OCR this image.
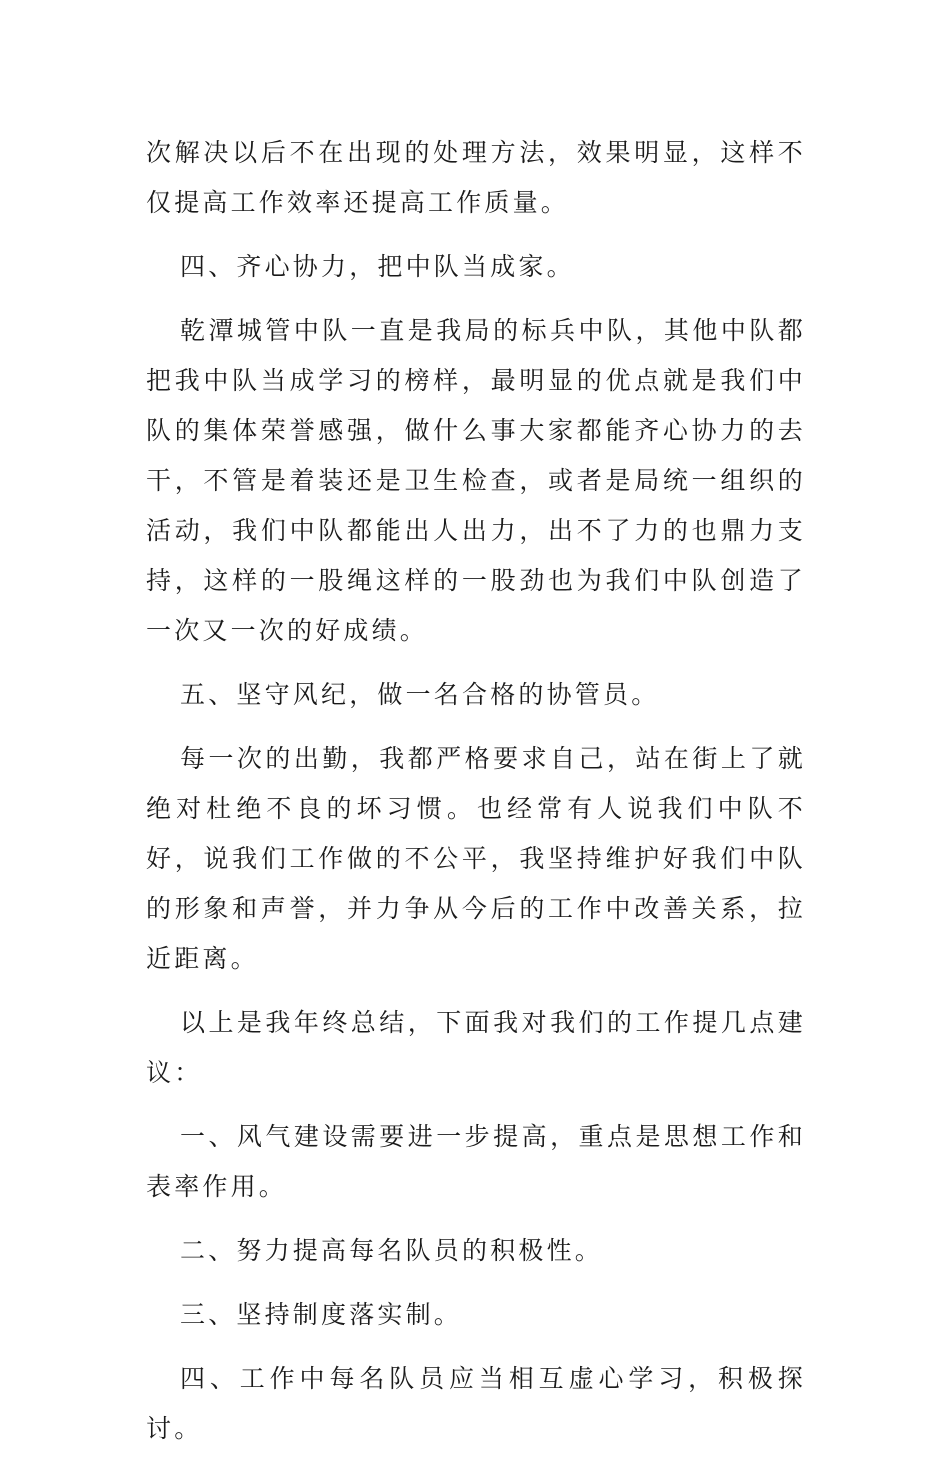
次解决以后不在出现的处理方法，效果明显，这样不仅提高工作效率还提高工作质量。

四、齐心协力，把中队当成家。

乾潭城管中队一直是我局的标兵中队，其他中队都把我中队当成学习的榜样，最明显的优点就是我们中队的集体荣誉感强，做什么事大家都能齐心协力的去干，不管是着装还是卫生检查，或者是局统一组织的活动，我们中队都能出人出力，出不了力的也鼎力支持，这样的一股绳这样的一股劲也为我们中队创造了一次又一次的好成绩。

五、坚守风纪，做一名合格的协管员。

每一次的出勤，我都严格要求自己，站在街上了就绝对杜绝不良的坏习惯。也经常有人说我们中队不好，说我们工作做的不公平，我坚持维护好我们中队的形象和声誉，并力争从今后的工作中改善关系，拉近距离。

以上是我年终总结，下面我对我们的工作提几点建议：

一、风气建设需要进一步提高，重点是思想工作和表率作用。

二、努力提高每名队员的积极性。

三、坚持制度落实制。

四、工作中每名队员应当相互虚心学习，积极探讨。
